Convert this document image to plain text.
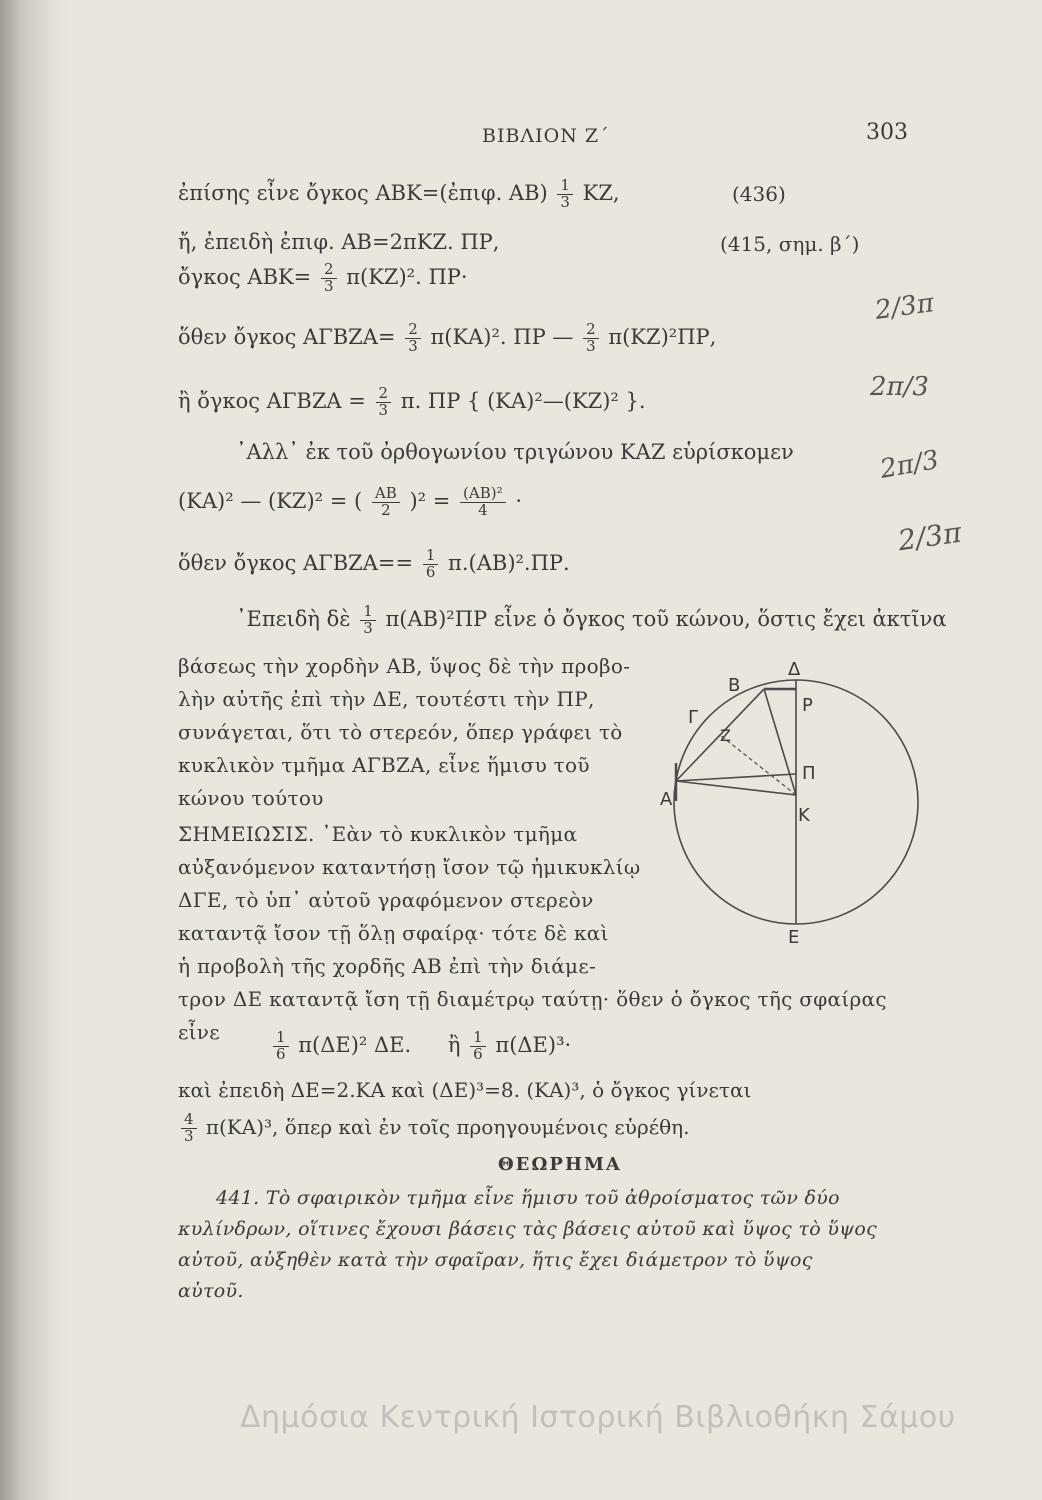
ΒΙΒΛΙΟΝ Ζ΄	303
ἐπίσης εἶνε ὄγκος ΑΒΚ=(ἐπιφ. $AB) \frac{1}{3} KZ$,	(436)
ἤ, ἐπειδὴ ἐπιφ. ΑΒ=2πΚΖ. ΠΡ,	(415, σημ. β΄)
ὄγκος $ABK= \frac{2}{3} \pi(KZ)^2$. ΠΡ·
ὅθεν ὄγκος $A\Gamma BZA= \frac{2}{3} \pi(KA)^2$. ΠΡ — $\frac{2}{3} \pi(KZ)^2\Pi P$,
ἢ ὄγκος $A\Gamma BZA = \frac{2}{3} \pi$. ΠΡ { (ΚΑ)²—(ΚΖ)² }.
᾿Αλλ᾿ ἐκ τοῦ ὀρθογωνίου τριγώνου ΚΑΖ εὑρίσκομεν
(ΚΑ)² — (ΚΖ)² = ( $\frac{AB}{2} )^2 = \frac{\text{(ΑΒ)²}}{4}$ ·
ὅθεν ὄγκος $A\Gamma BZA== \frac{1}{6} \pi.(AB)^2.\Pi P$.
᾿Επειδὴ δὲ $\frac{1}{3} \pi(AB)^2\Pi P$ εἶνε ὁ ὄγκος τοῦ κώνου, ὅστις ἔχει ἀκτῖνα
βάσεως τὴν χορδὴν ΑΒ, ὕψος δὲ τὴν προβο-
λὴν αὐτῆς ἐπὶ τὴν ΔΕ, τουτέστι τὴν ΠΡ,
συνάγεται, ὅτι τὸ στερεόν, ὅπερ γράφει τὸ
κυκλικὸν τμῆμα ΑΓΒΖΑ, εἶνε ἥμισυ τοῦ
κώνου τούτου
ΣΗΜΕΙΩΣΙΣ. ᾿Εὰν τὸ κυκλικὸν τμῆμα
αὐξανόμενον καταντήσῃ ἴσον τῷ ἡμικυκλίῳ
ΔΓΕ, τὸ ὑπ᾿ αὐτοῦ γραφόμενον στερεὸν
καταντᾷ ἴσον τῇ ὅλῃ σφαίρᾳ· τότε δὲ καὶ
ἡ προβολὴ τῆς χορδῆς ΑΒ ἐπὶ τὴν διάμε-
τρον ΔΕ καταντᾷ ἴση τῇ διαμέτρῳ ταύτῃ· ὅθεν ὁ ὄγκος τῆς σφαίρας εἶνε	$\frac{1}{6} \pi(\Delta E)^2$ ΔΕ. ἢ $\frac{1}{6} \pi(\Delta E)^3\cdot$
καὶ ἐπειδὴ ΔΕ=2.ΚΑ καὶ (ΔΕ)³=8. (ΚΑ)³, ὁ ὄγκος γίνεται
$\frac{4}{3} \pi(KA)^3$, ὅπερ καὶ ἐν τοῖς προηγουμένοις εὑρέθη.
ΘΕΩΡΗΜΑ
441. Τὸ σφαιρικὸν τμῆμα εἶνε ἥμισυ τοῦ ἀθροίσματος τῶν δύο
κυλίνδρων, οἵτινες ἔχουσι βάσεις τὰς βάσεις αὐτοῦ καὶ ὕψος τὸ ὕψος
αὐτοῦ, αὐξηθὲν κατὰ τὴν σφαῖραν, ἥτις ἔχει διάμετρον τὸ ὕψος
αὐτοῦ.
B
Δ
P
Γ
Z
A
Π
K
E
2/3π
2π/3
2π/3
2/3π
Δημόσια Κεντρική Ιστορική Βιβλιοθήκη Σάμου
